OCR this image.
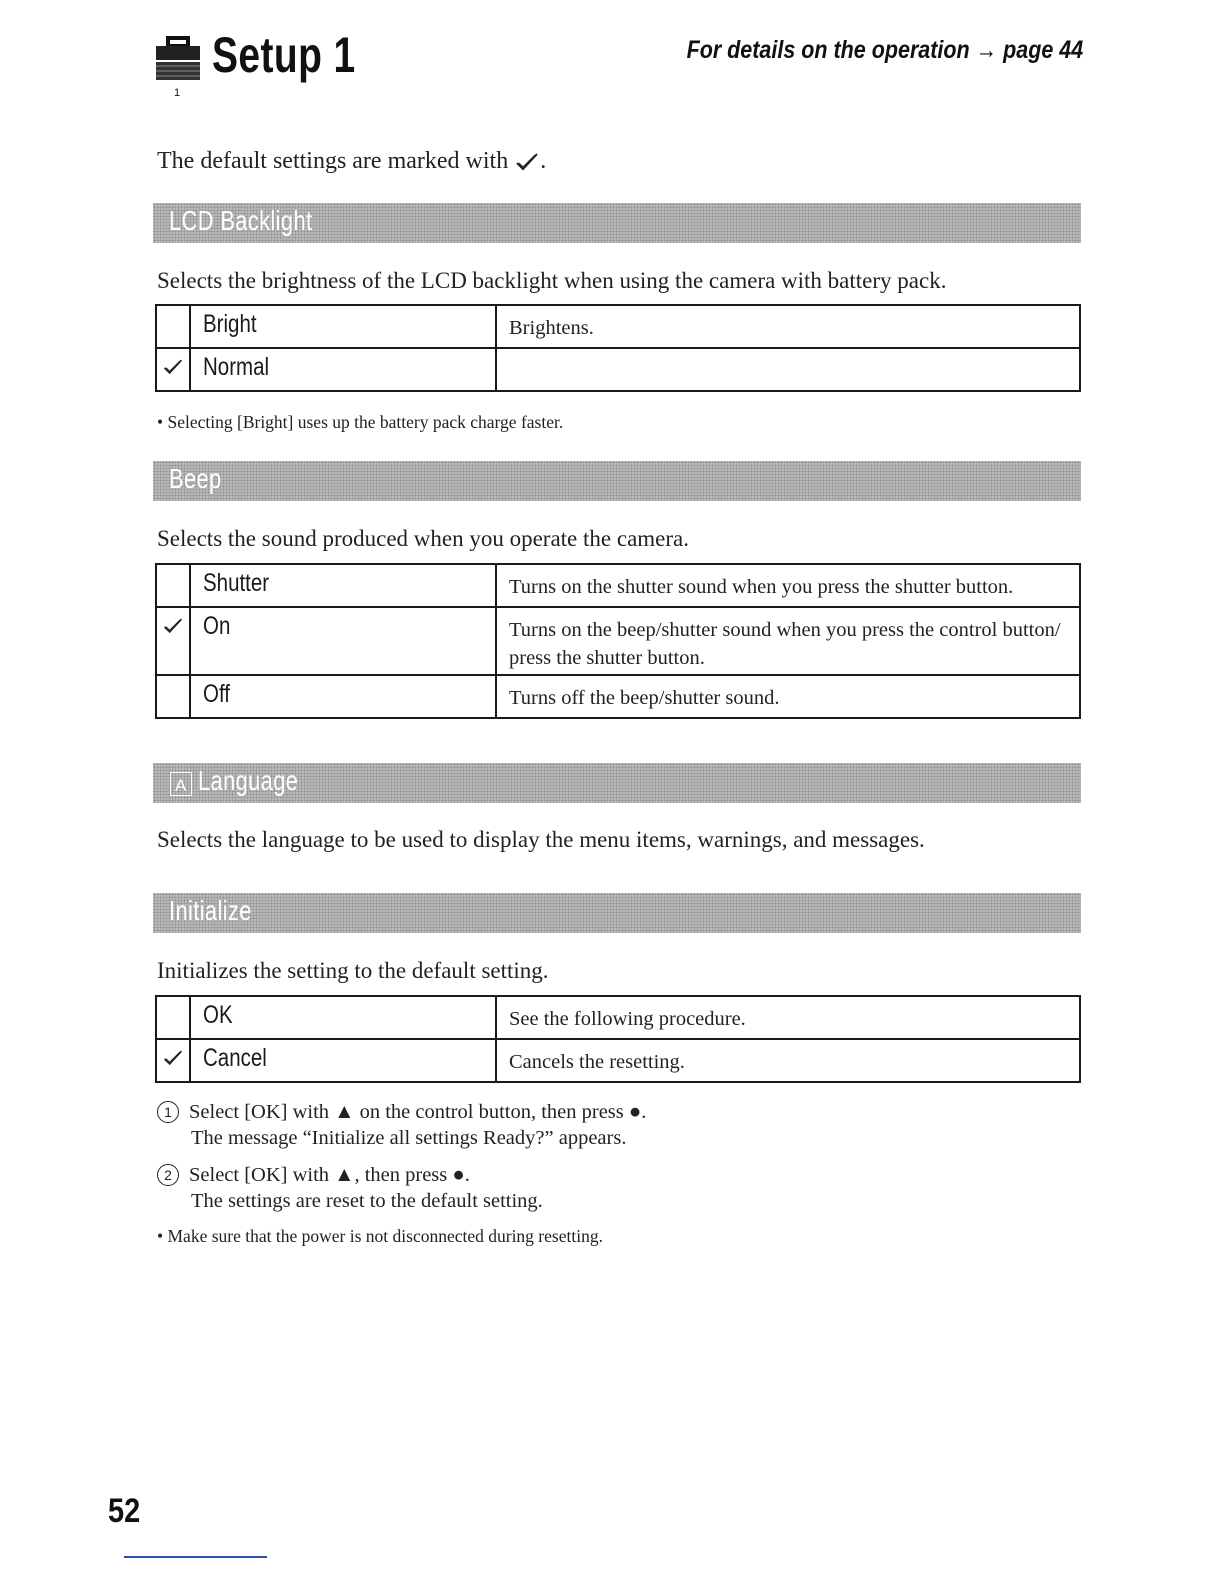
1
Setup 1	For details on the operation → page 44
The default settings are marked with .
LCD Backlight
Selects the brightness of the LCD backlight when using the camera with battery pack.
	Bright	Brightens.
	Normal	
• Selecting [Bright] uses up the battery pack charge faster.
Beep
Selects the sound produced when you operate the camera.
	Shutter	Turns on the shutter sound when you press the shutter button.
	On	Turns on the beep/shutter sound when you press the control button/ press the shutter button.
	Off	Turns off the beep/shutter sound.
A Language
Selects the language to be used to display the menu items, warnings, and messages.
Initialize
Initializes the setting to the default setting.
	OK	See the following procedure.
	Cancel	Cancels the resetting.
1 Select [OK] with ▲ on the control button, then press ●.
The message “Initialize all settings Ready?” appears.
2 Select [OK] with ▲, then press ●.
The settings are reset to the default setting.
• Make sure that the power is not disconnected during resetting.
52
